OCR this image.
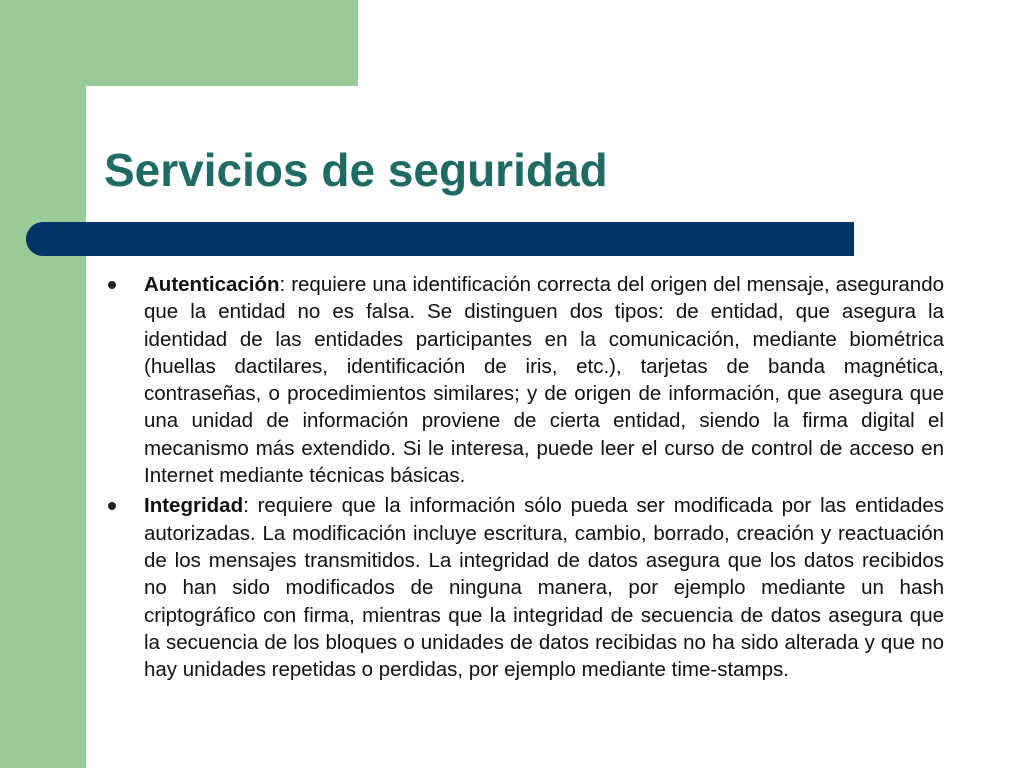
Servicios de seguridad

Autenticación: requiere una identificación correcta del origen del mensaje, asegurando que la entidad no es falsa. Se distinguen dos tipos: de entidad, que asegura la identidad de las entidades participantes en la comunicación, mediante biométrica (huellas dactilares, identificación de iris, etc.), tarjetas de banda magnética, contraseñas, o procedimientos similares; y de origen de información, que asegura que una unidad de información proviene de cierta entidad, siendo la firma digital el mecanismo más extendido. Si le interesa, puede leer el curso de control de acceso en Internet mediante técnicas básicas.

Integridad: requiere que la información sólo pueda ser modificada por las entidades autorizadas. La modificación incluye escritura, cambio, borrado, creación y reactuación de los mensajes transmitidos. La integridad de datos asegura que los datos recibidos no han sido modificados de ninguna manera, por ejemplo mediante un hash criptográfico con firma, mientras que la integridad de secuencia de datos asegura que la secuencia de los bloques o unidades de datos recibidas no ha sido alterada y que no hay unidades repetidas o perdidas, por ejemplo mediante time-stamps.
